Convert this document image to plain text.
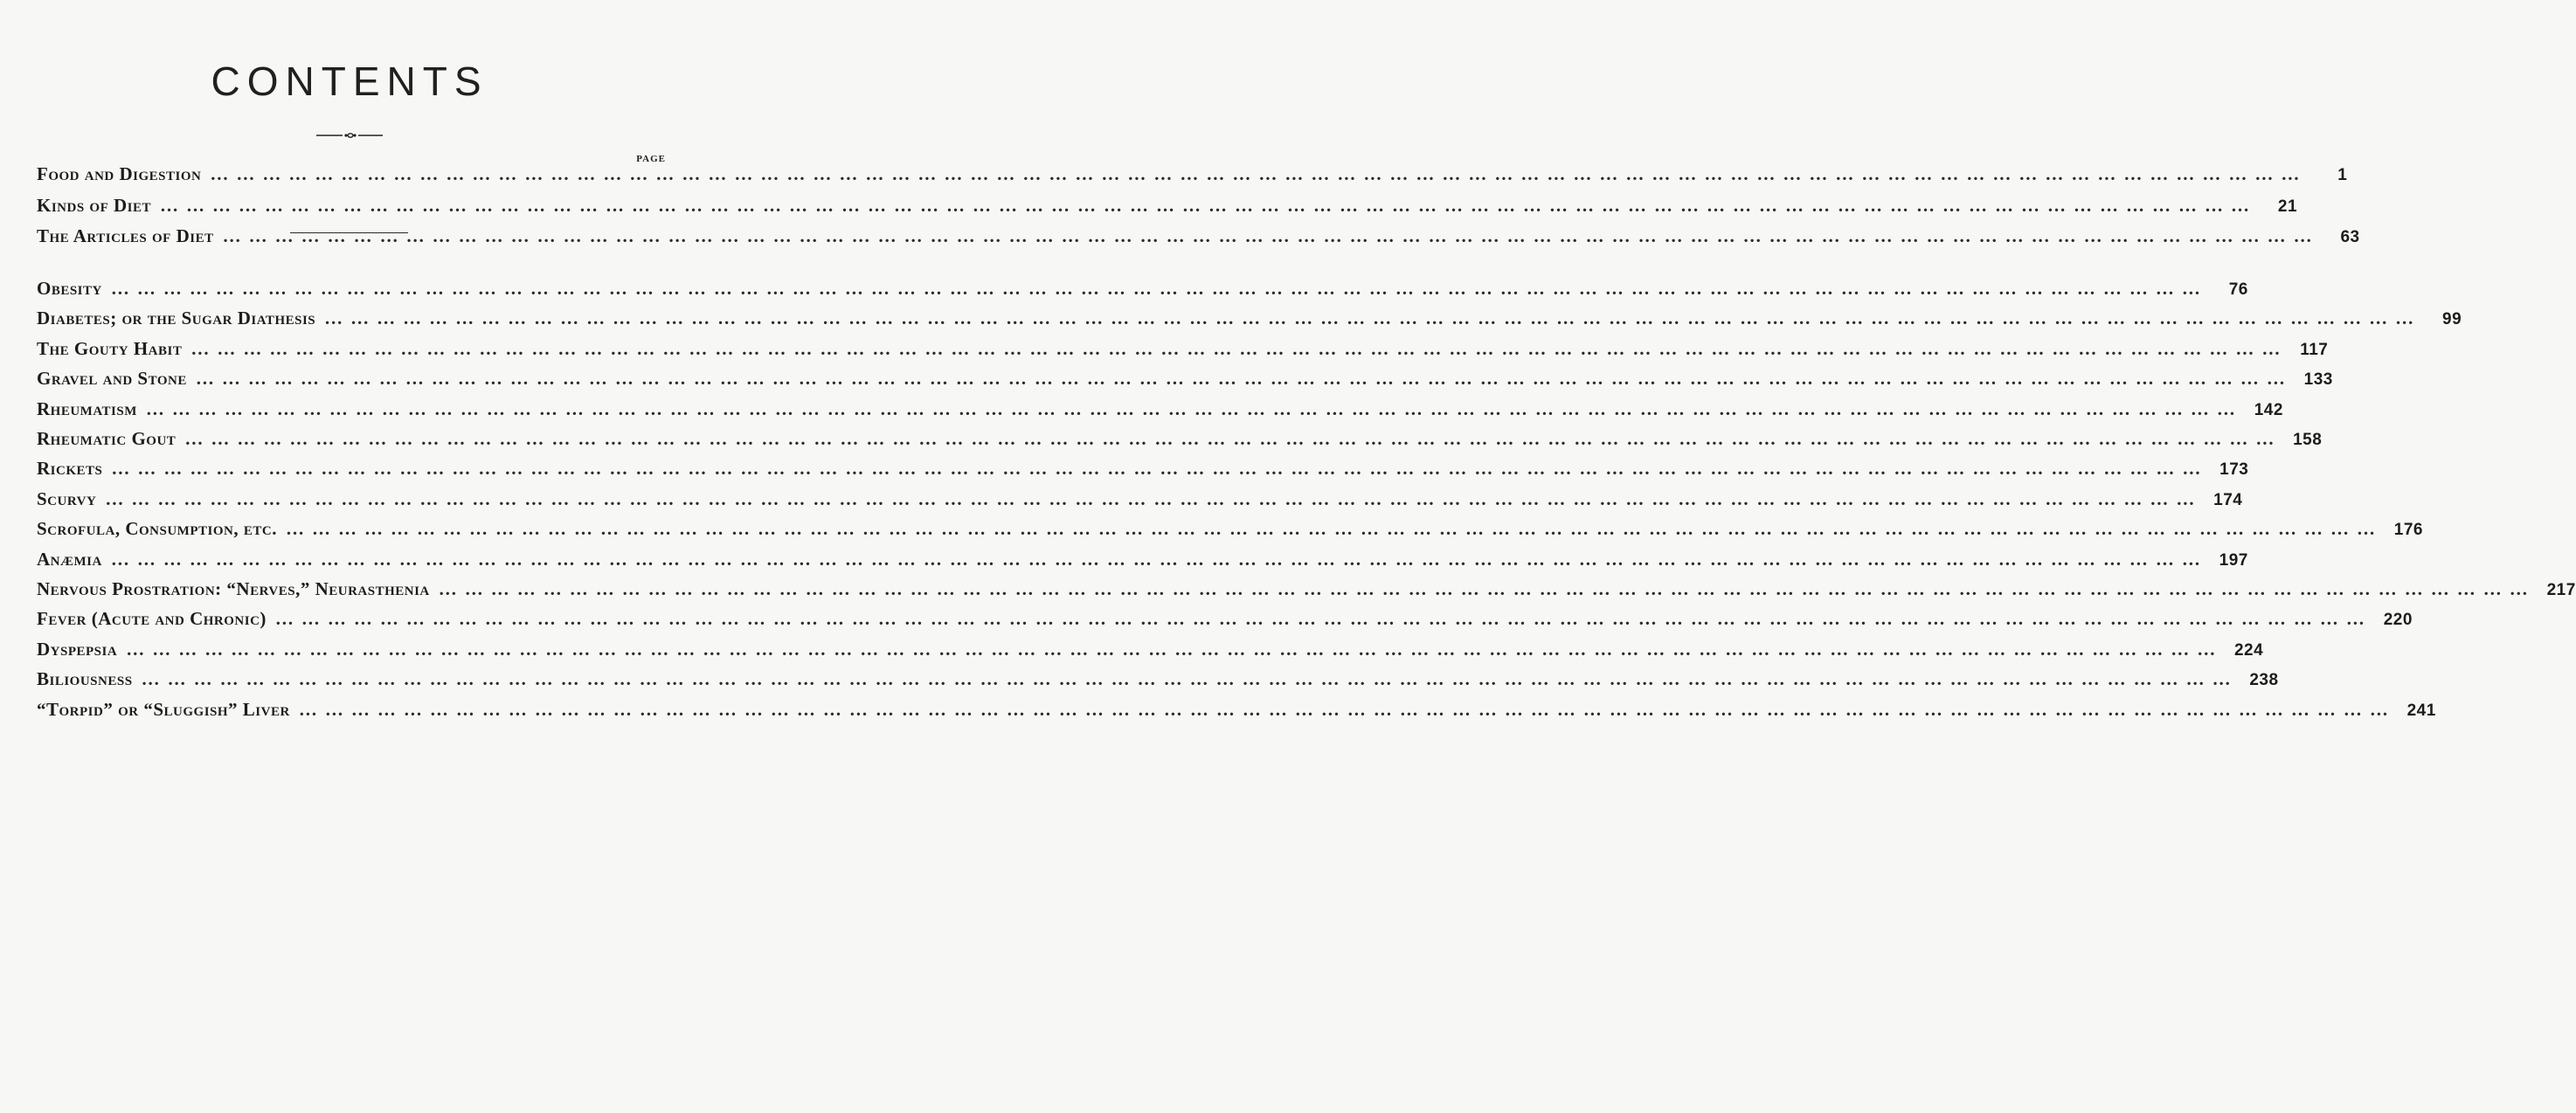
CONTENTS
PAGE
Food and Digestion ……………………………………………………………………………………………………………………………………………………………………………………………………………………	1
Kinds of Diet ……………………………………………………………………………………………………………………………………………………………………………………………………………………	21
The Articles of Diet ……………………………………………………………………………………………………………………………………………………………………………………………………………………	63
Obesity ……………………………………………………………………………………………………………………………………………………………………………………………………………………	76
Diabetes; or the Sugar Diathesis ……………………………………………………………………………………………………………………………………………………………………………………………………………………	99
The Gouty Habit …………………………………………………………………………………………………………………………………………………………………………………………………………………… 117
Gravel and Stone …………………………………………………………………………………………………………………………………………………………………………………………………………………… 133
Rheumatism …………………………………………………………………………………………………………………………………………………………………………………………………………………… 142
Rheumatic Gout …………………………………………………………………………………………………………………………………………………………………………………………………………………… 158
Rickets …………………………………………………………………………………………………………………………………………………………………………………………………………………… 173
Scurvy …………………………………………………………………………………………………………………………………………………………………………………………………………………… 174
Scrofula, Consumption, etc. …………………………………………………………………………………………………………………………………………………………………………………………………………………… 176
Anæmia …………………………………………………………………………………………………………………………………………………………………………………………………………………… 197
Nervous Prostration: “Nerves,” Neurasthenia …………………………………………………………………………………………………………………………………………………………………………………………………………………… 217
Fever (Acute and Chronic) …………………………………………………………………………………………………………………………………………………………………………………………………………………… 220
Dyspepsia …………………………………………………………………………………………………………………………………………………………………………………………………………………… 224
Biliousness …………………………………………………………………………………………………………………………………………………………………………………………………………………… 238
“Torpid” or “Sluggish” Liver …………………………………………………………………………………………………………………………………………………………………………………………………………………… 241
